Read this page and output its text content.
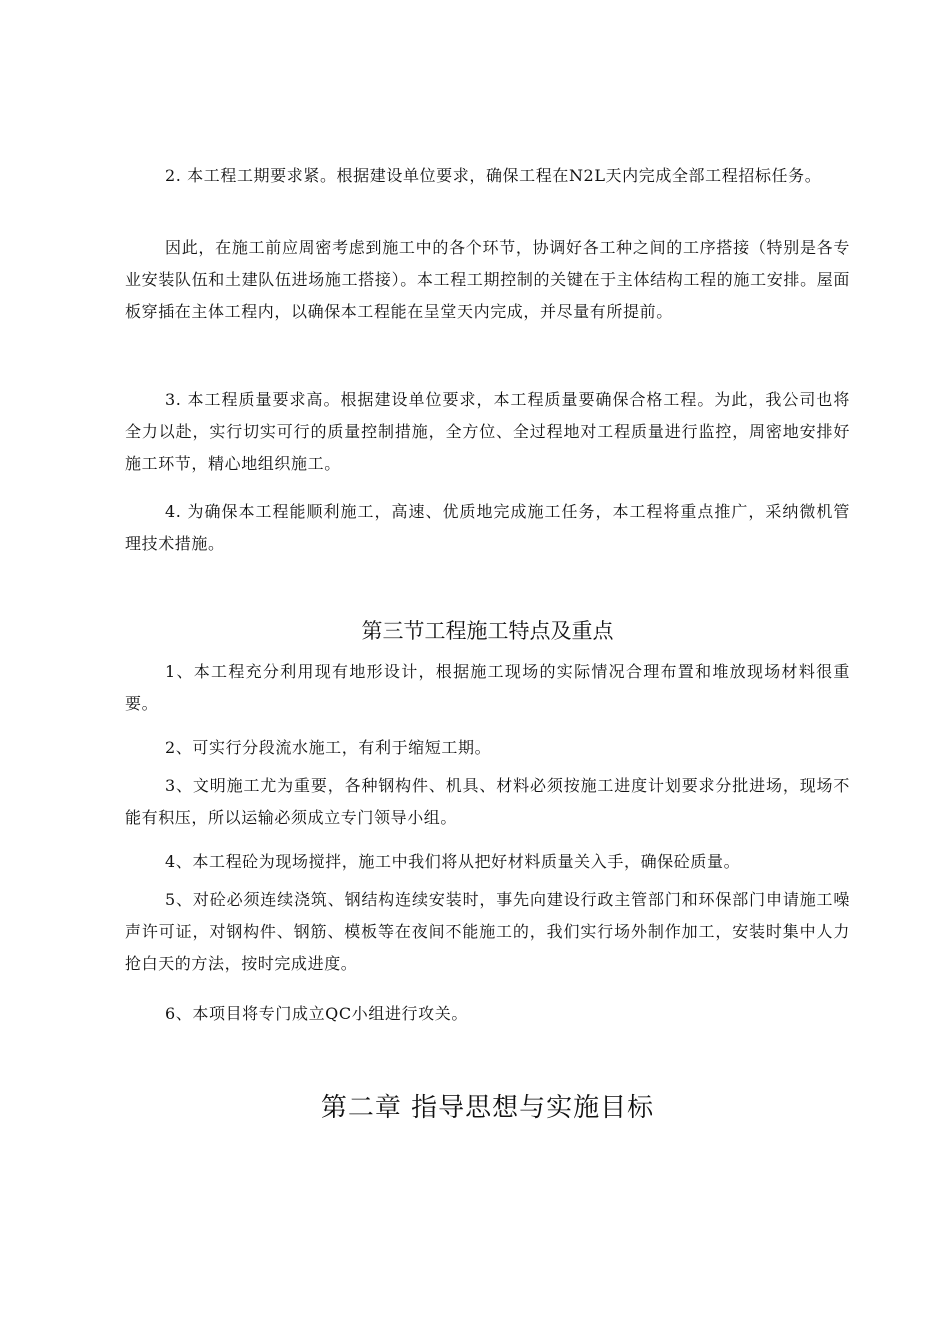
2. 本工程工期要求紧。根据建设单位要求，确保工程在N2L天内完成全部工程招标任务。

因此，在施工前应周密考虑到施工中的各个环节，协调好各工种之间的工序搭接（特别是各专业安装队伍和土建队伍进场施工搭接）。本工程工期控制的关键在于主体结构工程的施工安排。屋面板穿插在主体工程内，以确保本工程能在呈堂天内完成，并尽量有所提前。

3. 本工程质量要求高。根据建设单位要求，本工程质量要确保合格工程。为此，我公司也将全力以赴，实行切实可行的质量控制措施，全方位、全过程地对工程质量进行监控，周密地安排好施工环节，精心地组织施工。

4. 为确保本工程能顺利施工，高速、优质地完成施工任务，本工程将重点推广，采纳微机管理技术措施。

第三节工程施工特点及重点

1、本工程充分利用现有地形设计，根据施工现场的实际情况合理布置和堆放现场材料很重要。

2、可实行分段流水施工，有利于缩短工期。

3、文明施工尤为重要，各种钢构件、机具、材料必须按施工进度计划要求分批进场，现场不能有积压，所以运输必须成立专门领导小组。

4、本工程砼为现场搅拌，施工中我们将从把好材料质量关入手，确保砼质量。

5、对砼必须连续浇筑、钢结构连续安装时，事先向建设行政主管部门和环保部门申请施工噪声许可证，对钢构件、钢筋、模板等在夜间不能施工的，我们实行场外制作加工，安装时集中人力抢白天的方法，按时完成进度。

6、本项目将专门成立QC小组进行攻关。

第二章 指导思想与实施目标
